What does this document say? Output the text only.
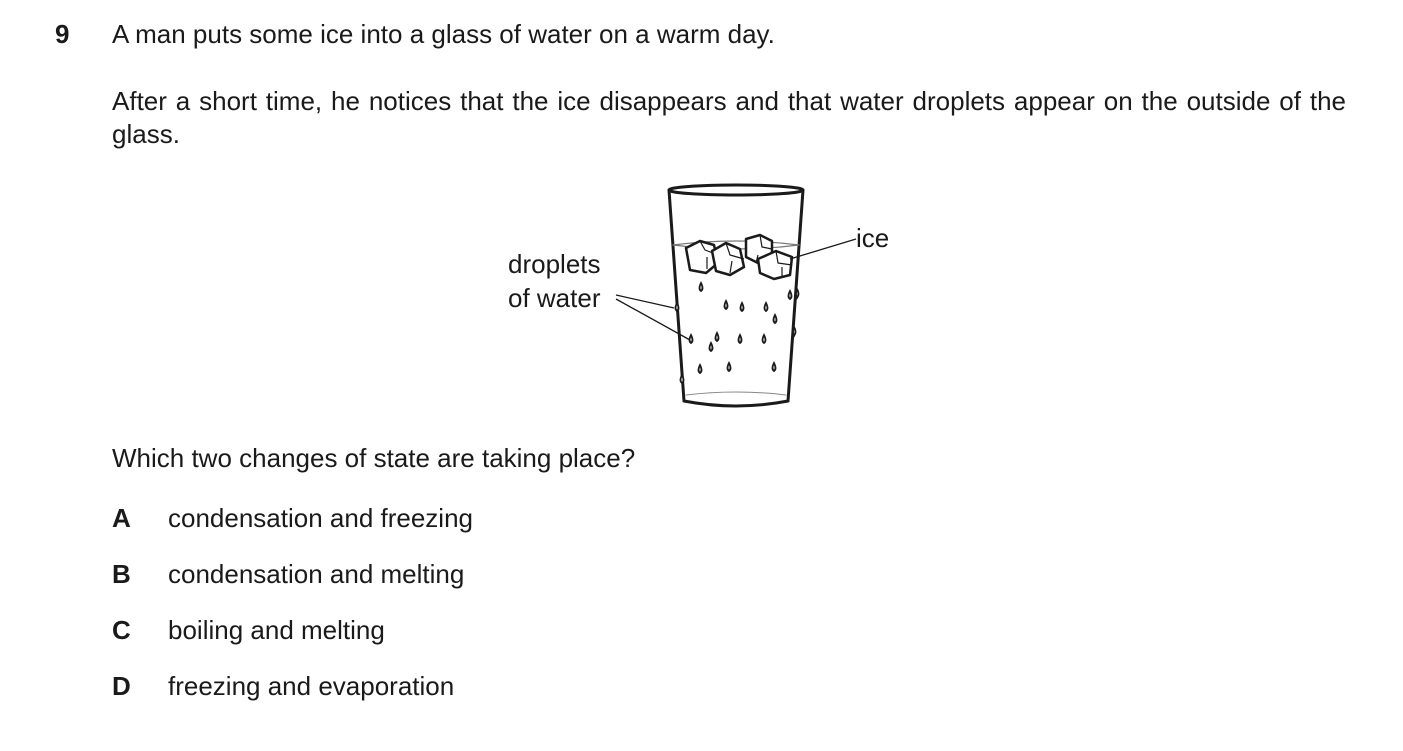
9 A man puts some ice into a glass of water on a warm day.
After a short time, he notices that the ice disappears and that water droplets appear on the outside of the glass.
droplets
of water
ice
Which two changes of state are taking place?
A condensation and freezing
B condensation and melting
C boiling and melting
D freezing and evaporation
